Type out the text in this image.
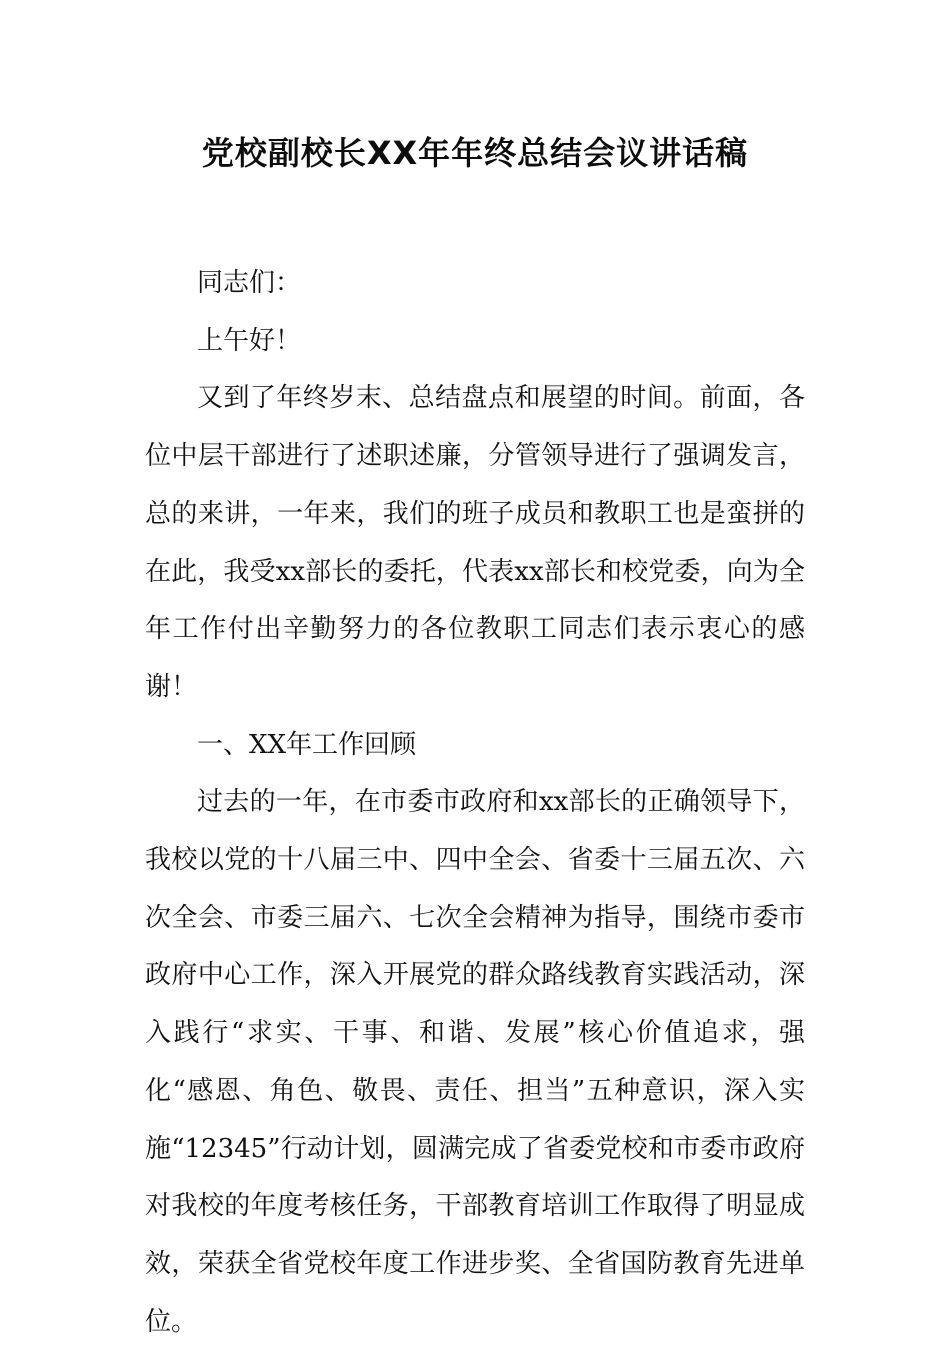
党校副校长XX年年终总结会议讲话稿

同志们：

上午好！

又到了年终岁末、总结盘点和展望的时间。前面，各位中层干部进行了述职述廉，分管领导进行了强调发言，总的来讲，一年来，我们的班子成员和教职工也是蛮拼的在此，我受xx部长的委托，代表xx部长和校党委，向为全年工作付出辛勤努力的各位教职工同志们表示衷心的感谢！

一、XX年工作回顾

过去的一年，在市委市政府和xx部长的正确领导下，我校以党的十八届三中、四中全会、省委十三届五次、六次全会、市委三届六、七次全会精神为指导，围绕市委市政府中心工作，深入开展党的群众路线教育实践活动，深入践行“求实、干事、和谐、发展”核心价值追求，强化“感恩、角色、敬畏、责任、担当”五种意识，深入实施“12345”行动计划，圆满完成了省委党校和市委市政府对我校的年度考核任务，干部教育培训工作取得了明显成效，荣获全省党校年度工作进步奖、全省国防教育先进单位。
